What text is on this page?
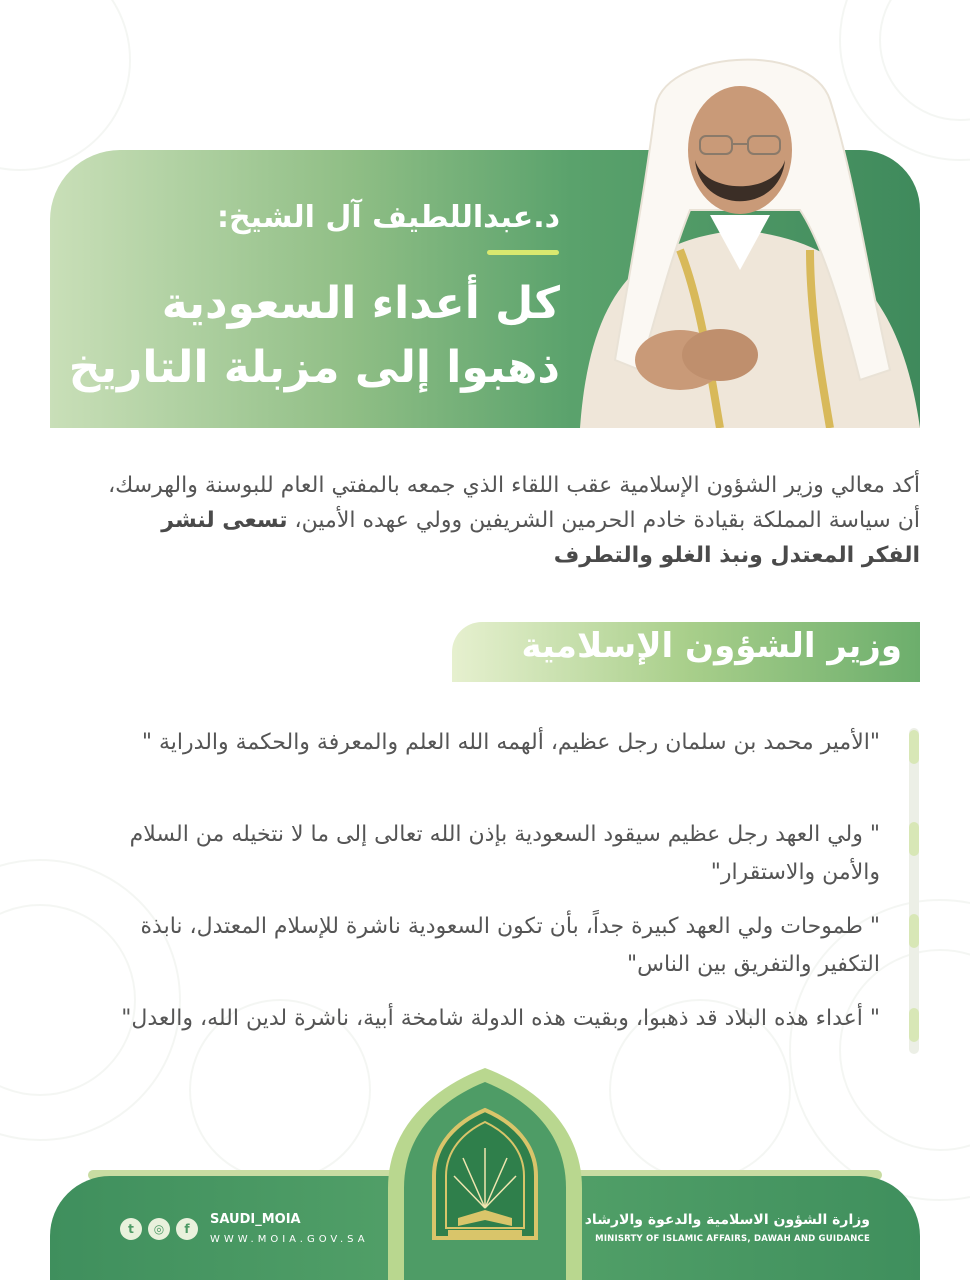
د.عبداللطيف آل الشيخ:
كل أعداء السعودية
ذهبوا إلى مزبلة التاريخ

أكد معالي وزير الشؤون الإسلامية عقب اللقاء الذي جمعه بالمفتي العام للبوسنة والهرسك، أن سياسة المملكة بقيادة خادم الحرمين الشريفين وولي عهده الأمين، تسعى لنشر الفكر المعتدل ونبذ الغلو والتطرف

وزير الشؤون الإسلامية

"الأمير محمد بن سلمان رجل عظيم، ألهمه الله العلم والمعرفة والحكمة والدراية "

" ولي العهد رجل عظيم سيقود السعودية بإذن الله تعالى إلى ما لا نتخيله من السلام والأمن والاستقرار"

" طموحات ولي العهد كبيرة جداً، بأن تكون السعودية ناشرة للإسلام المعتدل، نابذة التكفير والتفريق بين الناس"

" أعداء هذه البلاد قد ذهبوا، وبقيت هذه الدولة شامخة أبية، ناشرة لدين الله، والعدل"

وزارة الشؤون الاسلامية والدعوة والارشاد
MINISRTY OF ISLAMIC AFFAIRS, DAWAH AND GUIDANCE
SAUDI_MOIA
WWW.MOIA.GOV.SA
t	◎	f
